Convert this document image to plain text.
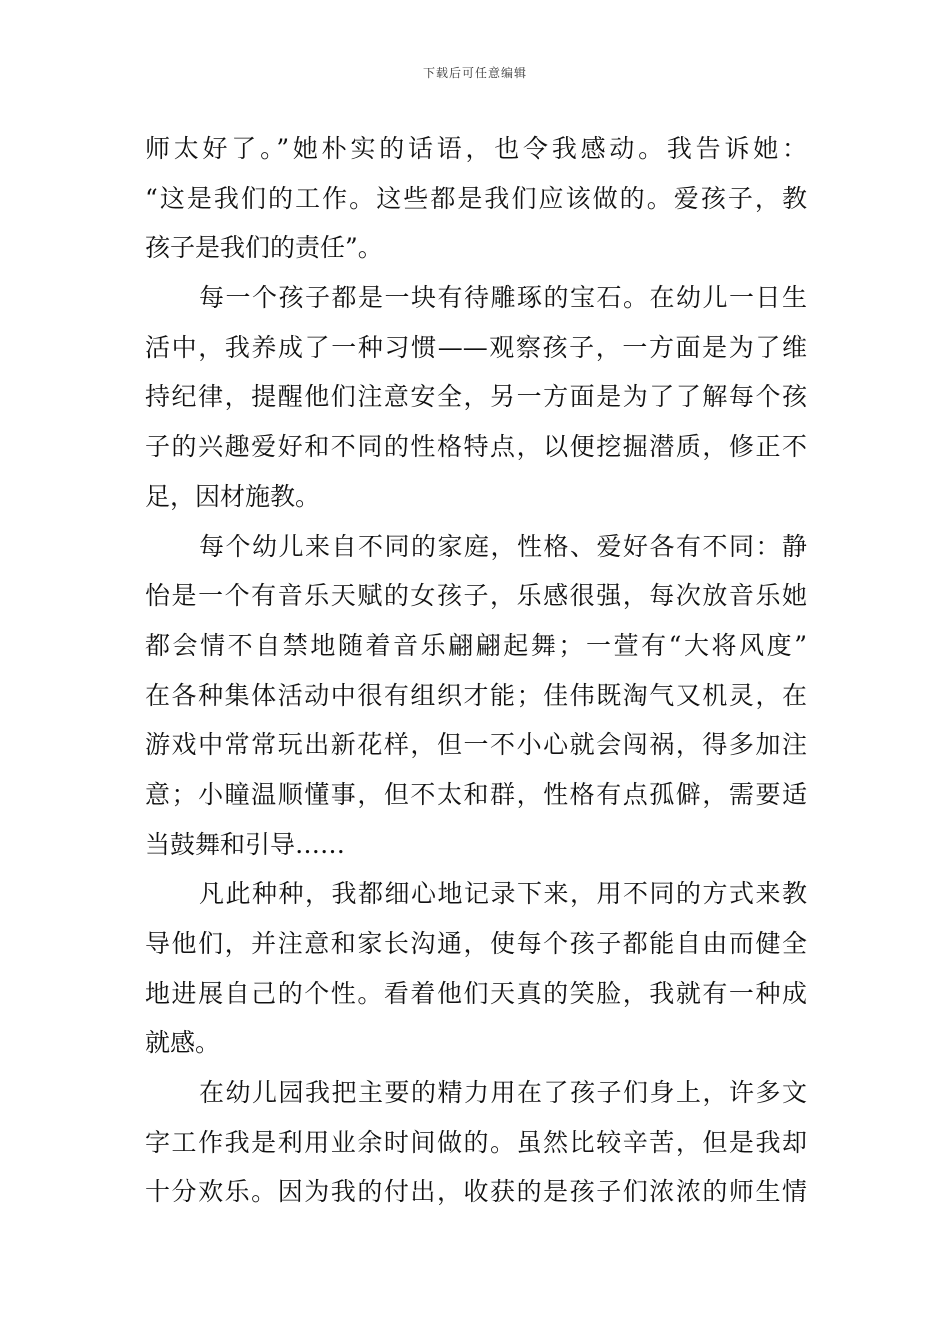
下载后可任意编辑
师太好了。”她朴实的话语，也令我感动。我告诉她：
“这是我们的工作。这些都是我们应该做的。爱孩子，教
孩子是我们的责任”。
每一个孩子都是一块有待雕琢的宝石。在幼儿一日生
活中，我养成了一种习惯——观察孩子，一方面是为了维
持纪律，提醒他们注意安全，另一方面是为了了解每个孩
子的兴趣爱好和不同的性格特点，以便挖掘潜质，修正不
足，因材施教。
每个幼儿来自不同的家庭，性格、爱好各有不同：静
怡是一个有音乐天赋的女孩子，乐感很强，每次放音乐她
都会情不自禁地随着音乐翩翩起舞；一萱有“大将风度”
在各种集体活动中很有组织才能；佳伟既淘气又机灵，在
游戏中常常玩出新花样，但一不小心就会闯祸，得多加注
意；小瞳温顺懂事，但不太和群，性格有点孤僻，需要适
当鼓舞和引导……
凡此种种，我都细心地记录下来，用不同的方式来教
导他们，并注意和家长沟通，使每个孩子都能自由而健全
地进展自己的个性。看着他们天真的笑脸，我就有一种成
就感。
在幼儿园我把主要的精力用在了孩子们身上，许多文
字工作我是利用业余时间做的。虽然比较辛苦，但是我却
十分欢乐。因为我的付出，收获的是孩子们浓浓的师生情
